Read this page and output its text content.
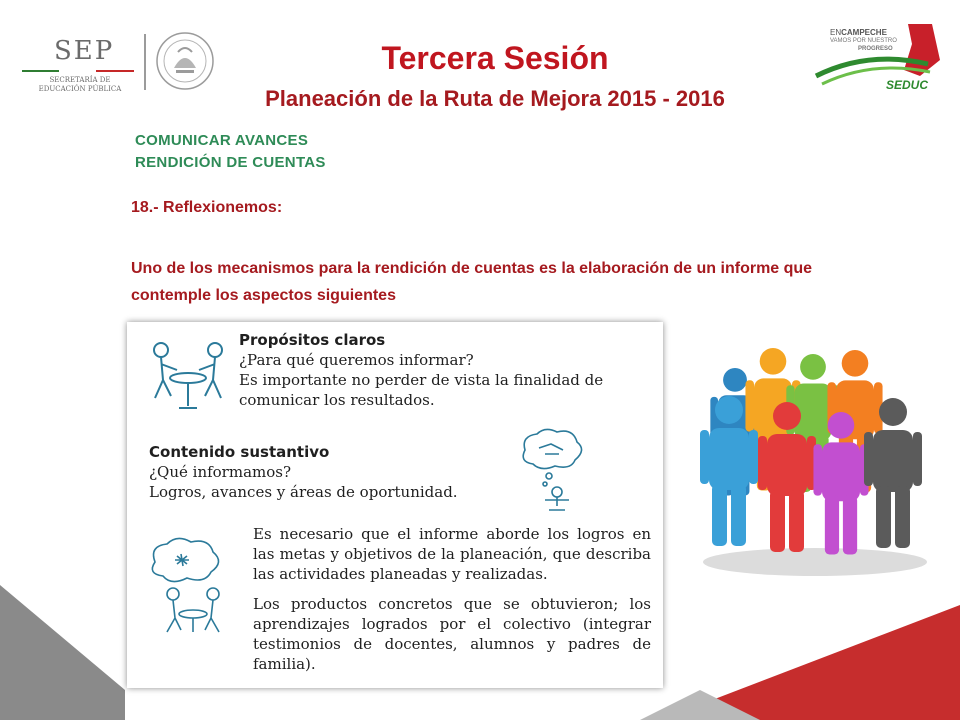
SEP
SECRETARÍA DE
EDUCACIÓN PÚBLICA
Tercera Sesión
Planeación de la Ruta de Mejora 2015 - 2016
ENCAMPECHE
VAMOS POR NUESTRO
PROGRESO
SEDUC
COMUNICAR AVANCES
RENDICIÓN DE CUENTAS
18.- Reflexionemos:
Uno de los mecanismos para la rendición de cuentas es la elaboración de un informe que contemple los aspectos siguientes
Propósitos claros
¿Para qué queremos informar?
Es importante no perder de vista la finalidad de comunicar los resultados.
Contenido sustantivo
¿Qué informamos?
Logros, avances y áreas de oportunidad.
Es necesario que el informe aborde los logros en las metas y objetivos de la planeación, que describa las actividades planeadas y realizadas.
Los productos concretos que se obtuvieron; los aprendizajes logrados por el colectivo (integrar testimonios de docentes, alumnos y padres de familia).
